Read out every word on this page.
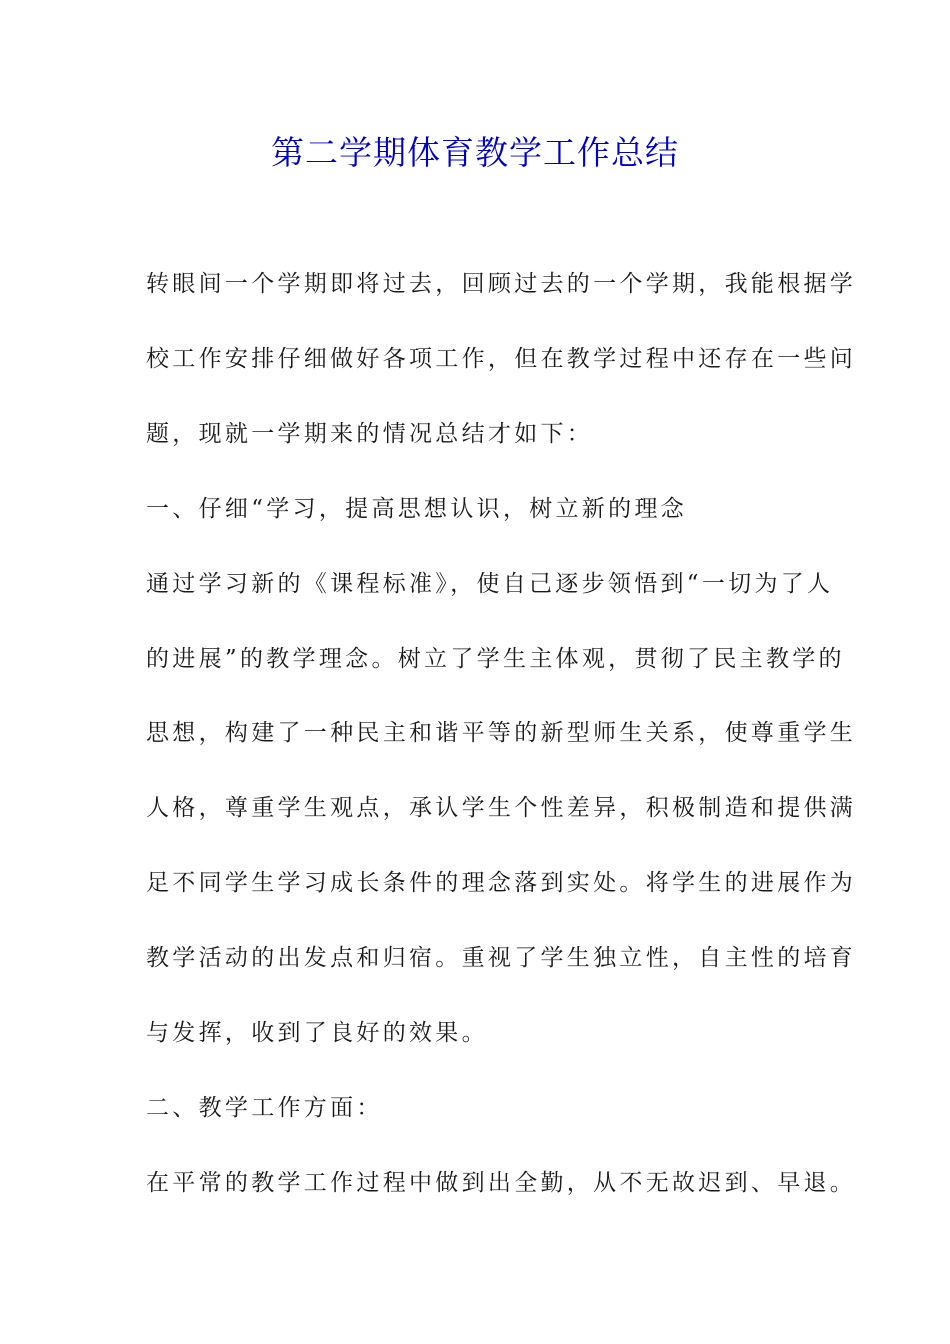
第二学期体育教学工作总结

转眼间一个学期即将过去，回顾过去的一个学期，我能根据学

校工作安排仔细做好各项工作，但在教学过程中还存在一些问

题，现就一学期来的情况总结才如下：

一、仔细“学习，提高思想认识，树立新的理念

通过学习新的《课程标准》，使自己逐步领悟到“一切为了人

的进展”的教学理念。树立了学生主体观，贯彻了民主教学的

思想，构建了一种民主和谐平等的新型师生关系，使尊重学生

人格，尊重学生观点，承认学生个性差异，积极制造和提供满

足不同学生学习成长条件的理念落到实处。将学生的进展作为

教学活动的出发点和归宿。重视了学生独立性，自主性的培育

与发挥，收到了良好的效果。

二、教学工作方面：

在平常的教学工作过程中做到出全勤，从不无故迟到、早退。
